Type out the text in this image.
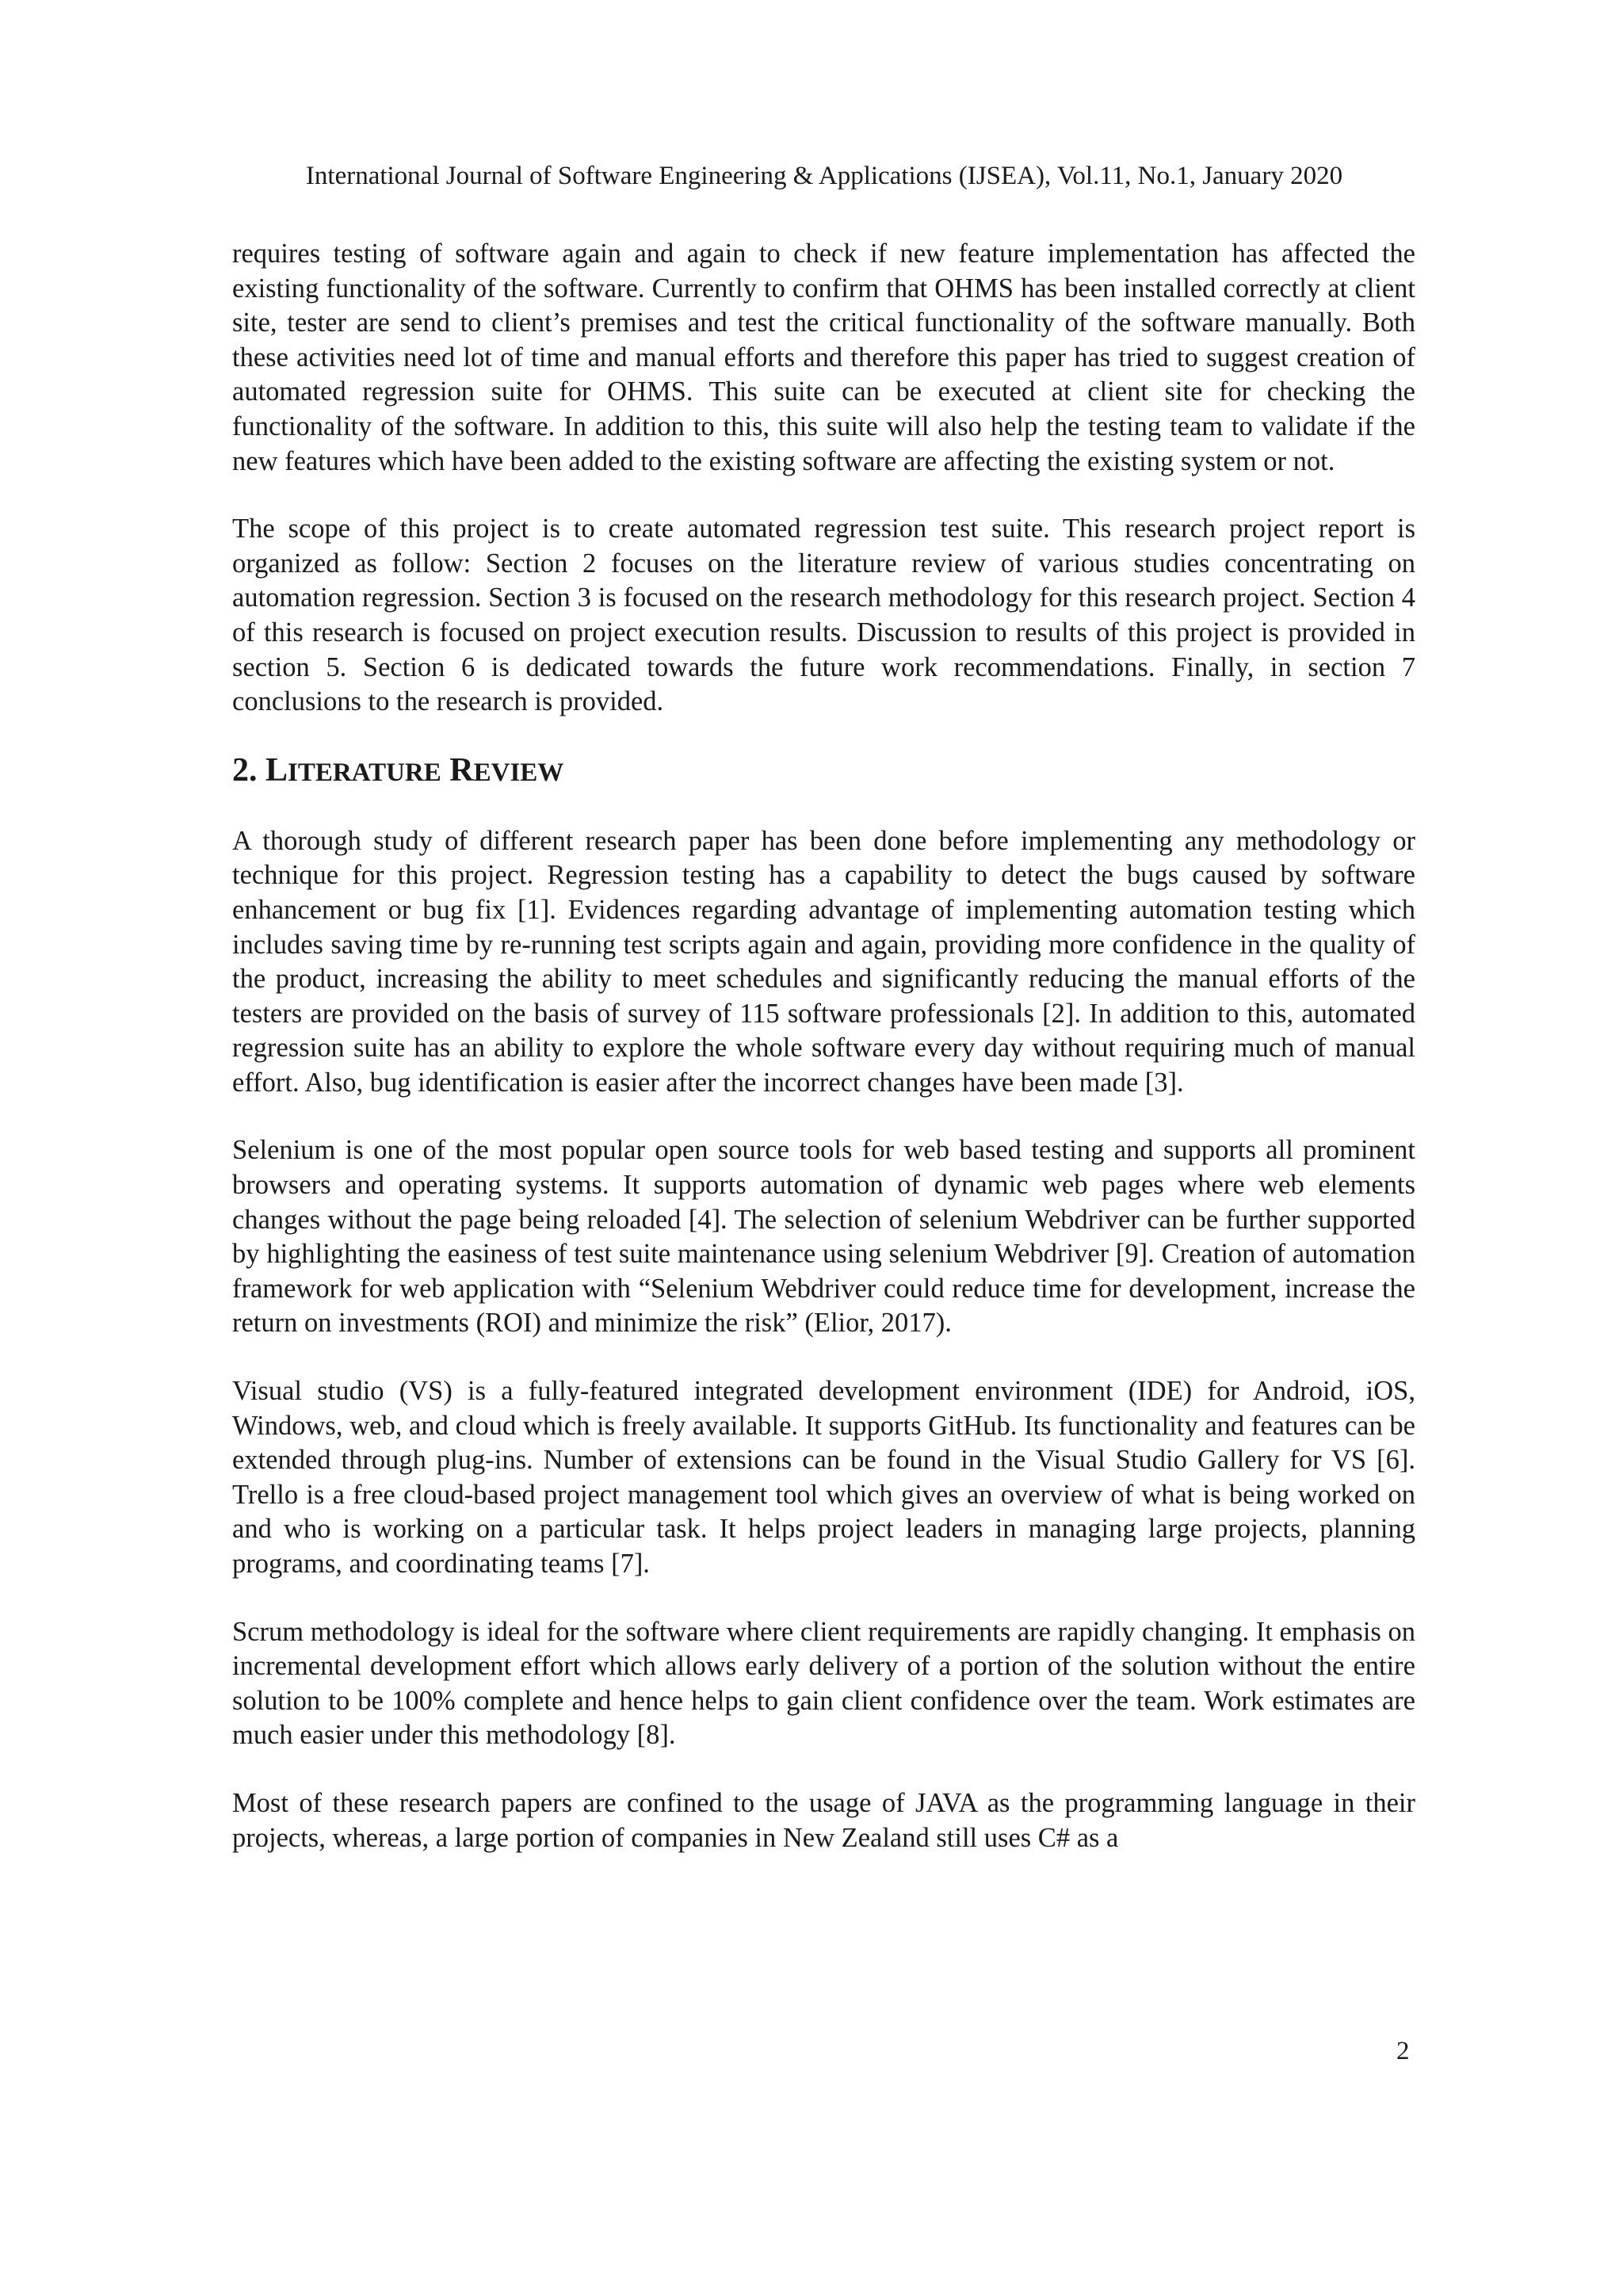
International Journal of Software Engineering & Applications (IJSEA), Vol.11, No.1, January 2020

requires testing of software again and again to check if new feature implementation has affected the existing functionality of the software. Currently to confirm that OHMS has been installed correctly at client site, tester are send to client’s premises and test the critical functionality of the software manually. Both these activities need lot of time and manual efforts and therefore this paper has tried to suggest creation of automated regression suite for OHMS. This suite can be executed at client site for checking the functionality of the software. In addition to this, this suite will also help the testing team to validate if the new features which have been added to the existing software are affecting the existing system or not.

The scope of this project is to create automated regression test suite. This research project report is organized as follow: Section 2 focuses on the literature review of various studies concentrating on automation regression. Section 3 is focused on the research methodology for this research project. Section 4 of this research is focused on project execution results. Discussion to results of this project is provided in section 5. Section 6 is dedicated towards the future work recommendations. Finally, in section 7 conclusions to the research is provided.

2. LITERATURE REVIEW

A thorough study of different research paper has been done before implementing any methodology or technique for this project. Regression testing has a capability to detect the bugs caused by software enhancement or bug fix [1]. Evidences regarding advantage of implementing automation testing which includes saving time by re-running test scripts again and again, providing more confidence in the quality of the product, increasing the ability to meet schedules and significantly reducing the manual efforts of the testers are provided on the basis of survey of 115 software professionals [2]. In addition to this, automated regression suite has an ability to explore the whole software every day without requiring much of manual effort. Also, bug identification is easier after the incorrect changes have been made [3].

Selenium is one of the most popular open source tools for web based testing and supports all prominent browsers and operating systems. It supports automation of dynamic web pages where web elements changes without the page being reloaded [4]. The selection of selenium Webdriver can be further supported by highlighting the easiness of test suite maintenance using selenium Webdriver [9]. Creation of automation framework for web application with “Selenium Webdriver could reduce time for development, increase the return on investments (ROI) and minimize the risk” (Elior, 2017).

Visual studio (VS) is a fully-featured integrated development environment (IDE) for Android, iOS, Windows, web, and cloud which is freely available. It supports GitHub. Its functionality and features can be extended through plug-ins. Number of extensions can be found in the Visual Studio Gallery for VS [6]. Trello is a free cloud-based project management tool which gives an overview of what is being worked on and who is working on a particular task. It helps project leaders in managing large projects, planning programs, and coordinating teams [7].

Scrum methodology is ideal for the software where client requirements are rapidly changing. It emphasis on incremental development effort which allows early delivery of a portion of the solution without the entire solution to be 100% complete and hence helps to gain client confidence over the team. Work estimates are much easier under this methodology [8].

Most of these research papers are confined to the usage of JAVA as the programming language in their projects, whereas, a large portion of companies in New Zealand still uses C# as a

2
